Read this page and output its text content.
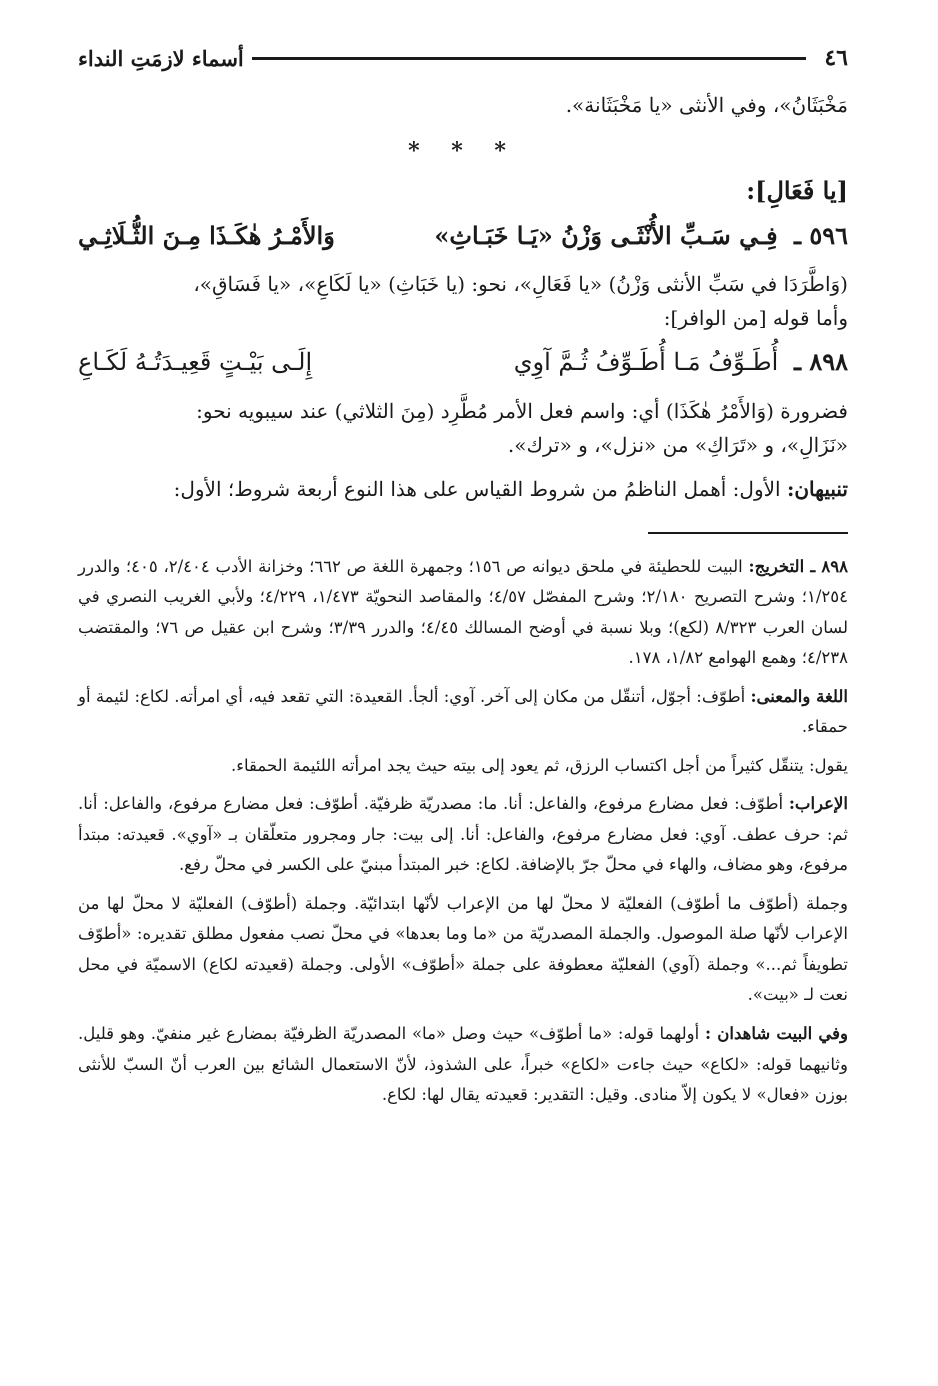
٤٦
أسماء لازمَتِ النداء

مَخْبَثَانُ»، وفي الأنثى «يا مَخْبَثَانة».

* * *
[يا فَعَالِ]:
٥٩٦ ـ فِـي سَـبِّ الأُنْثَـى وَزْنُ «يَـا خَبَـاثِ»
وَالأَمْـرُ هٰكَـذَا مِـنَ الثُّـلَاثِـي

(وَاطَّرَدَا في سَبِّ الأنثى وَزْنُ) «يا فَعَالِ»، نحو: (يا خَبَاثِ) «يا لَكَاعِ»، «يا فَسَاقِ»،

وأما قوله [من الوافر]:

٨٩٨ ـ أُطَـوِّفُ مَـا أُطَـوِّفُ ثُـمَّ آوِي
إِلَـى بَيْـتٍ قَعِيـدَتُـهُ لَكَـاعِ

فضرورة (وَالأَمْرُ هٰكَذَا) أي: واسم فعل الأمر مُطَّرِد (مِنَ الثلاثي) عند سيبويه نحو:

«نَزَالِ»، و «تَرَاكِ» من «نزل»، و «ترك».

تنبيهان: الأول: أهمل الناظمُ من شروط القياس على هذا النوع أربعة شروط؛ الأول:

٨٩٨ ـ التخريج: البيت للحطيئة في ملحق ديوانه ص ١٥٦؛ وجمهرة اللغة ص ٦٦٢؛ وخزانة الأدب ٢/٤٠٤، ٤٠٥؛ والدرر ١/٢٥٤؛ وشرح التصريح ٢/١٨٠؛ وشرح المفصّل ٤/٥٧؛ والمقاصد النحويّة ١/٤٧٣، ٤/٢٢٩؛ ولأبي الغريب النصري في لسان العرب ٨/٣٢٣ (لكع)؛ وبلا نسبة في أوضح المسالك ٤/٤٥؛ والدرر ٣/٣٩؛ وشرح ابن عقيل ص ٧٦؛ والمقتضب ٤/٢٣٨؛ وهمع الهوامع ١/٨٢، ١٧٨.

اللغة والمعنى: أطوّف: أجوّل، أتنقّل من مكان إلى آخر. آوي: ألجأ. القعيدة: التي تقعد فيه، أي امرأته. لكاع: لئيمة أو حمقاء.

يقول: يتنقّل كثيراً من أجل اكتساب الرزق، ثم يعود إلى بيته حيث يجد امرأته اللئيمة الحمقاء.

الإعراب: أطوّف: فعل مضارع مرفوع، والفاعل: أنا. ما: مصدريّة ظرفيّة. أطوّف: فعل مضارع مرفوع، والفاعل: أنا. ثم: حرف عطف. آوي: فعل مضارع مرفوع، والفاعل: أنا. إلى بيت: جار ومجرور متعلّقان بـ «آوي». قعيدته: مبتدأ مرفوع، وهو مضاف، والهاء في محلّ جرّ بالإضافة. لكاع: خبر المبتدأ مبنيّ على الكسر في محلّ رفع.

وجملة (أطوّف ما أطوّف) الفعليّة لا محلّ لها من الإعراب لأنّها ابتدائيّة. وجملة (أطوّف) الفعليّة لا محلّ لها من الإعراب لأنّها صلة الموصول. والجملة المصدريّة من «ما وما بعدها» في محلّ نصب مفعول مطلق تقديره: «أطوّف تطويفاً ثم...» وجملة (آوي) الفعليّة معطوفة على جملة «أطوّف» الأولى. وجملة (قعيدته لكاع) الاسميّة في محل نعت لـ «بيت».

وفي البيت شاهدان : أولهما قوله: «ما أطوّف» حيث وصل «ما» المصدريّة الظرفيّة بمضارع غير منفيّ. وهو قليل. وثانيهما قوله: «لكاع» حيث جاءت «لكاع» خبراً، على الشذوذ، لأنّ الاستعمال الشائع بين العرب أنّ السبّ للأنثى بوزن «فعال» لا يكون إلاّ منادى. وقيل: التقدير: قعيدته يقال لها: لكاع.
